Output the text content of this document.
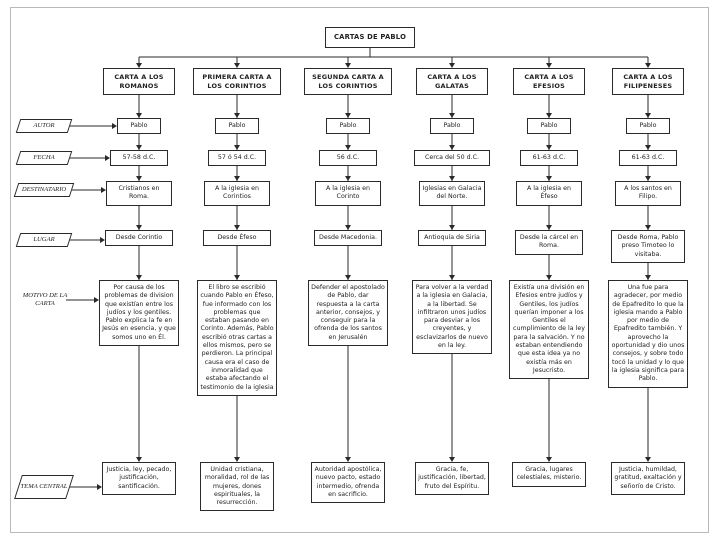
CARTAS DE PABLO
AUTOR
FECHA
DESTINATARIO
LUGAR
MOTIVO DE LA CARTA
TEMA CENTRAL
CARTA A LOS ROMANOS
Pablo
57-58 d.C.
Cristianos en Roma.
Desde Corintio
Por causa de los problemas de division que existían entre los judíos y los gentiles. Pablo explica la fe en Jesús en esencia, y que somos uno en Él.
Justicia, ley, pecado, justificación, santificación.
PRIMERA CARTA A LOS CORINTIOS
Pablo
57 ó 54 d.C.
A la iglesia en Corintios
Desde Éfeso
El libro se escribió cuando Pablo en Éfeso, fue informado con los problemas que estaban pasando en Corinto. Además, Pablo escribió otras cartas a ellos mismos, pero se perdieron. La principal causa era el caso de inmoralidad que estaba afectando el testimonio de la iglesia
Unidad cristiana, moralidad, rol de las mujeres, dones espirituales, la resurrección.
SEGUNDA CARTA A LOS CORINTIOS
Pablo
56 d.C.
A la iglesia en Corinto
Desde Macedonia.
Defender el apostolado de Pablo, dar respuesta a la carta anterior, consejos, y conseguir para la ofrenda de los santos en Jerusalén
Autoridad apostólica, nuevo pacto, estado intermedio, ofrenda en sacrificio.
CARTA A LOS GALATAS
Pablo
Cerca del 50 d.C.
Iglesias en Galacia del Norte.
Antioquía de Siria
Para volver a la verdad a la iglesia en Galacia, a la libertad. Se infiltraron unos judíos para desviar a los creyentes, y esclavizarlos de nuevo en la ley.
Gracia, fe, justificación, libertad, fruto del Espíritu.
CARTA A LOS EFESIOS
Pablo
61-63 d.C.
A la iglesia en Éfeso
Desde la cárcel en Roma.
Existía una división en Efesios entre judíos y Gentiles, los judíos querían imponer a los Gentiles el cumplimiento de la ley para la salvación. Y no estaban entendiendo que esta idea ya no existía más en Jesucristo.
Gracia, lugares celestiales, misterio.
CARTA A LOS FILIPENESES
Pablo
61-63 d.C.
A los santos en Filipo.
Desde Roma, Pablo preso Timoteo lo visitaba.
Una fue para agradecer, por medio de Epafredito lo que la iglesia mando a Pablo por medio de Epafredito también. Y aprovecho la oportunidad y dio unos consejos, y sobre todo tocó la unidad y lo que la iglesia significa para Pablo.
Justicia, humildad, gratitud, exaltación y señorío de Cristo.
